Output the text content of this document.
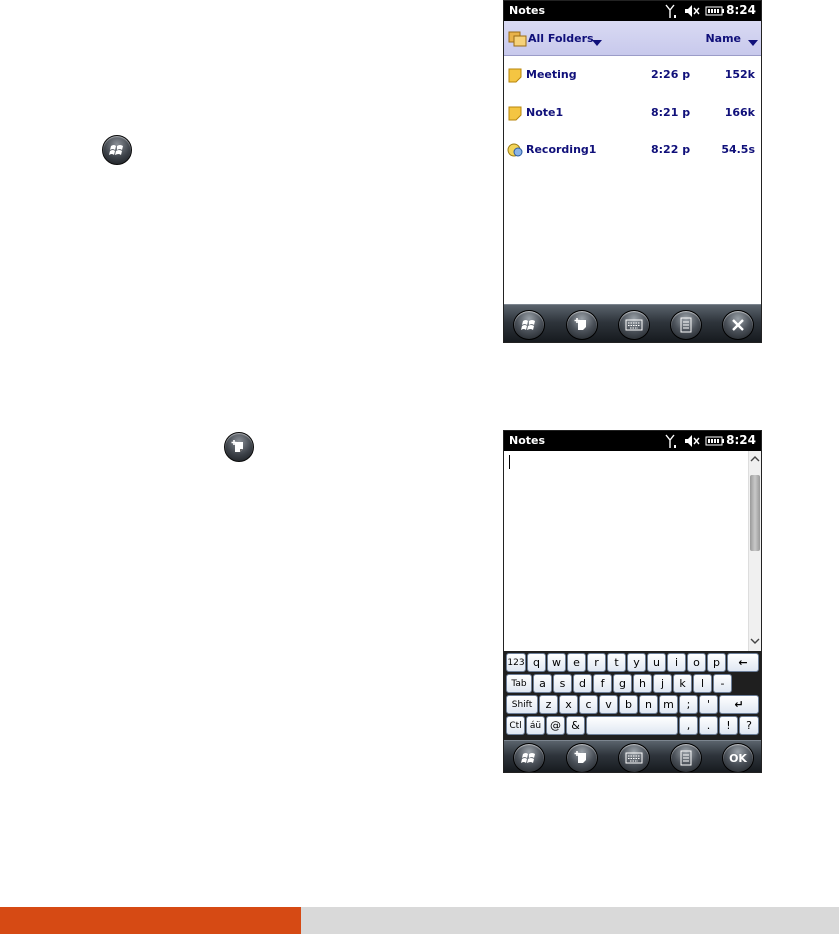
Notes	8:24
All Folders	Name
Meeting	2:26 p	152k
Note1	8:21 p	166k
Recording1	8:22 p	54.5s
Notes	8:24
123 q	w	e	r	t	y	u	i	o	p	←
Tab	a	s	d	f	g	h	j	k	l	-
Shift	z	x	c	v	b	n	m	;	'	↵
Ctl áü @ &	,	.	!	?
OK
